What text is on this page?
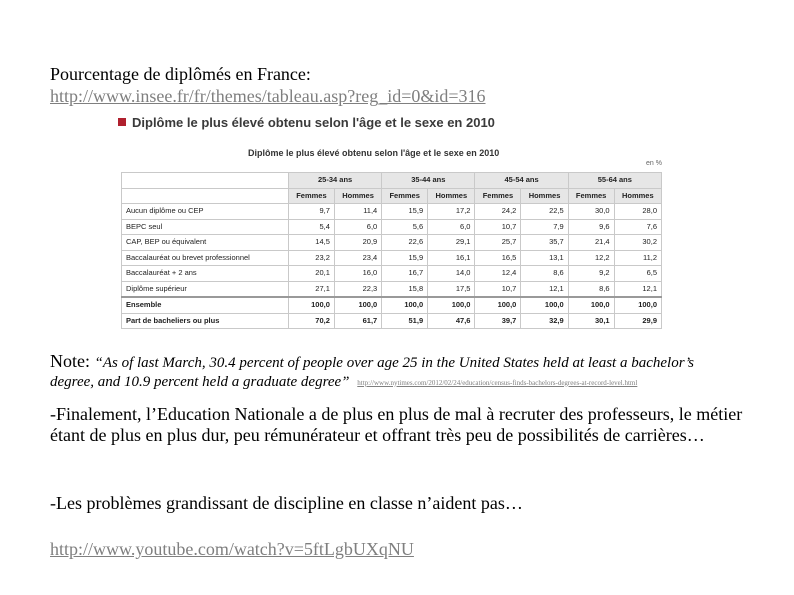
Pourcentage de diplômés en France:
http://www.insee.fr/fr/themes/tableau.asp?reg_id=0&id=316
Diplôme le plus élevé obtenu selon l'âge et le sexe en 2010
Diplôme le plus élevé obtenu selon l'âge et le sexe en 2010
en %
	25-34 ans		35-44 ans		45-54 ans		55-64 ans	
	Femmes	Hommes	Femmes	Hommes	Femmes	Hommes	Femmes	Hommes
Aucun diplôme ou CEP	9,7	11,4	15,9	17,2	24,2	22,5	30,0	28,0
BEPC seul	5,4	6,0	5,6	6,0	10,7	7,9	9,6	7,6
CAP, BEP ou équivalent	14,5	20,9	22,6	29,1	25,7	35,7	21,4	30,2
Baccalauréat ou brevet professionnel	23,2	23,4	15,9	16,1	16,5	13,1	12,2	11,2
Baccalauréat + 2 ans	20,1	16,0	16,7	14,0	12,4	8,6	9,2	6,5
Diplôme supérieur	27,1	22,3	15,8	17,5	10,7	12,1	8,6	12,1
Ensemble	100,0	100,0	100,0	100,0	100,0	100,0	100,0	100,0
Part de bacheliers ou plus	70,2	61,7	51,9	47,6	39,7	32,9	30,1	29,9
Note: “As of last March, 30.4 percent of people over age 25 in the United States held at least a bachelor’s
degree, and 10.9 percent held a graduate degree” http://www.nytimes.com/2012/02/24/education/census-finds-bachelors-degrees-at-record-level.html
-Finalement, l’Education Nationale a de plus en plus de mal à recruter des professeurs, le métier étant de plus en plus dur, peu rémunérateur et offrant très peu de possibilités de carrières…
-Les problèmes grandissant de discipline en classe n’aident pas…
http://www.youtube.com/watch?v=5ftLgbUXqNU
